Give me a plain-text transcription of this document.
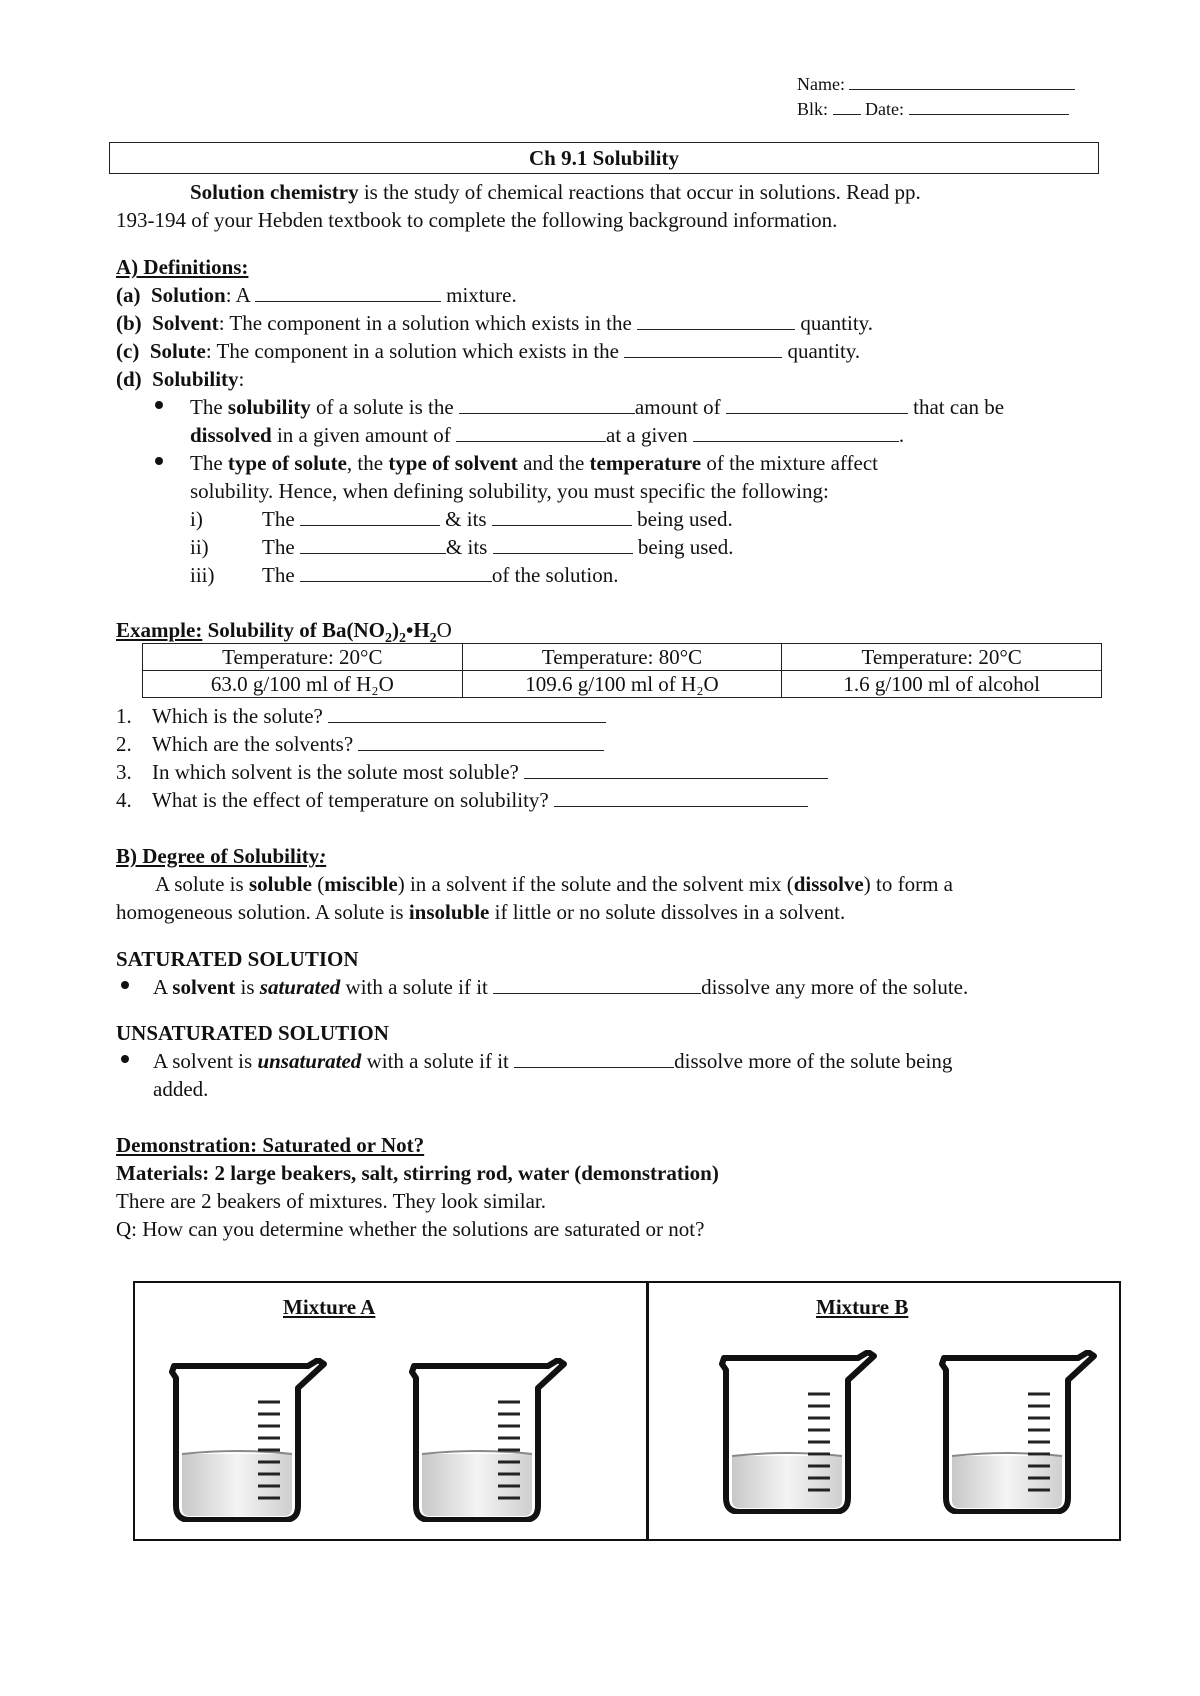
Name:
Blk: Date:
Ch 9.1 Solubility
Solution chemistry is the study of chemical reactions that occur in solutions. Read pp.
193-194 of your Hebden textbook to complete the following background information.
A) Definitions:
(a) Solution: A	mixture.
(b) Solvent: The component in a solution which exists in the	quantity.
(c) Solute: The component in a solution which exists in the	quantity.
(d) Solubility:
The solubility of a solute is the	amount of	that can be
dissolved in a given amount of	at a given	.
The type of solute, the type of solvent and the temperature of the mixture affect
solubility. Hence, when defining solubility, you must specific the following:
i)	The	& its	being used.
ii)	The	& its	being used.
iii) The	of the solution.
Example: Solubility of $Ba(NO_2)_2•H_2O$
Temperature: 20°C	Temperature: 80°C	Temperature: 20°C
63.0 g/100 ml of H₂O	109.6 g/100 ml of H₂O	1.6 g/100 ml of alcohol
1. Which is the solute?
2. Which are the solvents?
3. In which solvent is the solute most soluble?
4. What is the effect of temperature on solubility?
B) Degree of Solubility:
A solute is soluble (miscible) in a solvent if the solute and the solvent mix (dissolve) to form a
homogeneous solution. A solute is insoluble if little or no solute dissolves in a solvent.
SATURATED SOLUTION
A solvent is saturated with a solute if it	dissolve any more of the solute.
UNSATURATED SOLUTION
A solvent is unsaturated with a solute if it	dissolve more of the solute being
added.
Demonstration: Saturated or Not?
Materials: 2 large beakers, salt, stirring rod, water (demonstration)
There are 2 beakers of mixtures. They look similar.
Q: How can you determine whether the solutions are saturated or not?
Mixture A	Mixture B
